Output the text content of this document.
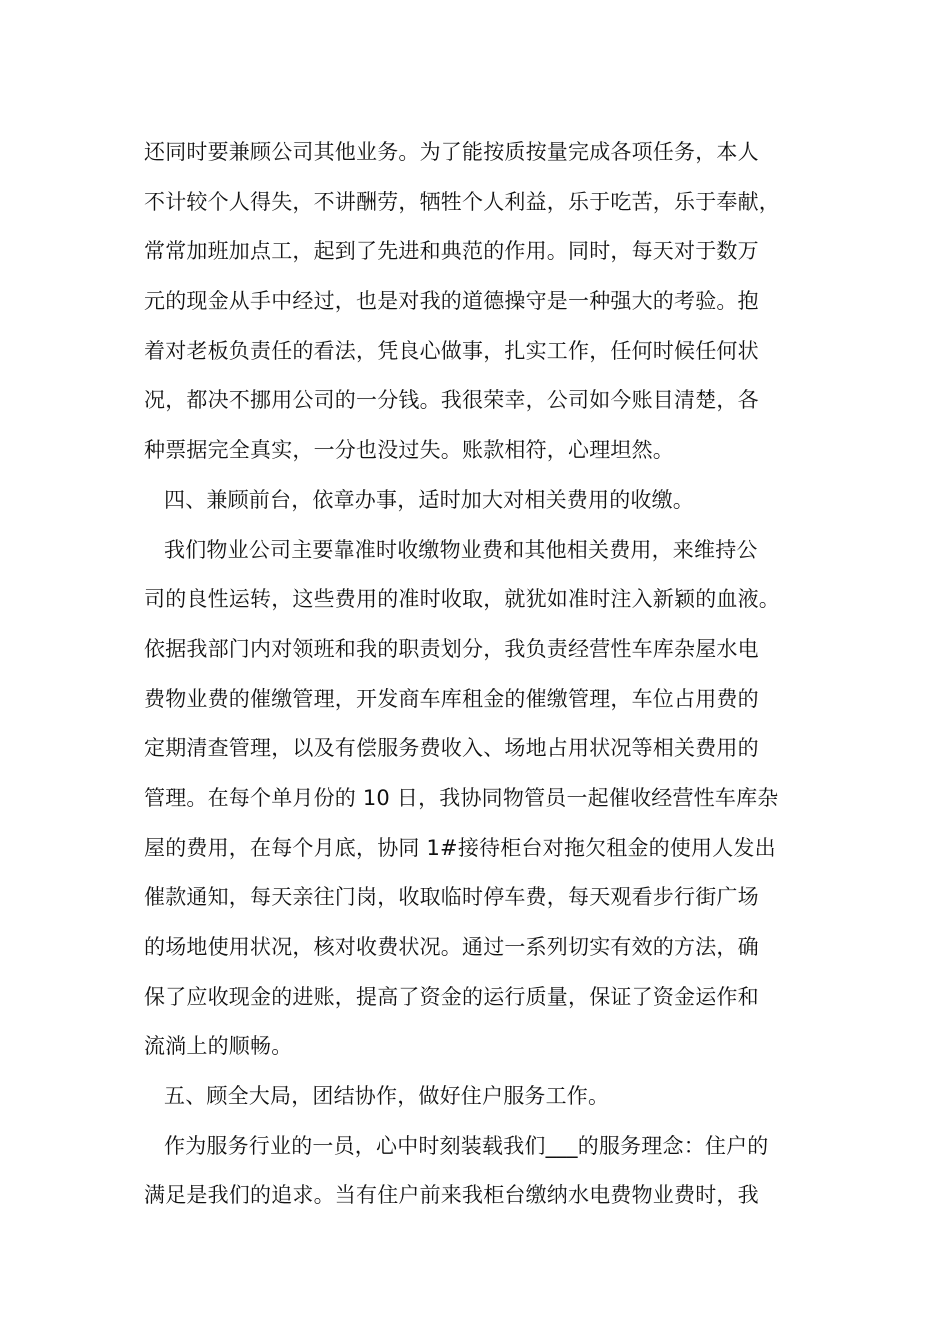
还同时要兼顾公司其他业务。为了能按质按量完成各项任务，本人
不计较个人得失，不讲酬劳，牺牲个人利益，乐于吃苦，乐于奉献，
常常加班加点工，起到了先进和典范的作用。同时，每天对于数万
元的现金从手中经过，也是对我的道德操守是一种强大的考验。抱
着对老板负责任的看法，凭良心做事，扎实工作，任何时候任何状
况，都决不挪用公司的一分钱。我很荣幸，公司如今账目清楚，各
种票据完全真实，一分也没过失。账款相符，心理坦然。
四、兼顾前台，依章办事，适时加大对相关费用的收缴。
我们物业公司主要靠准时收缴物业费和其他相关费用，来维持公
司的良性运转，这些费用的准时收取，就犹如准时注入新颖的血液。
依据我部门内对领班和我的职责划分，我负责经营性车库杂屋水电
费物业费的催缴管理，开发商车库租金的催缴管理，车位占用费的
定期清查管理，以及有偿服务费收入、场地占用状况等相关费用的
管理。在每个单月份的 10 日，我协同物管员一起催收经营性车库杂
屋的费用，在每个月底，协同 1#接待柜台对拖欠租金的使用人发出
催款通知，每天亲往门岗，收取临时停车费，每天观看步行街广场
的场地使用状况，核对收费状况。通过一系列切实有效的方法，确
保了应收现金的进账，提高了资金的运行质量，保证了资金运作和
流淌上的顺畅。
五、顾全大局，团结协作，做好住户服务工作。
作为服务行业的一员，心中时刻装载我们___的服务理念：住户的
满足是我们的追求。当有住户前来我柜台缴纳水电费物业费时，我
